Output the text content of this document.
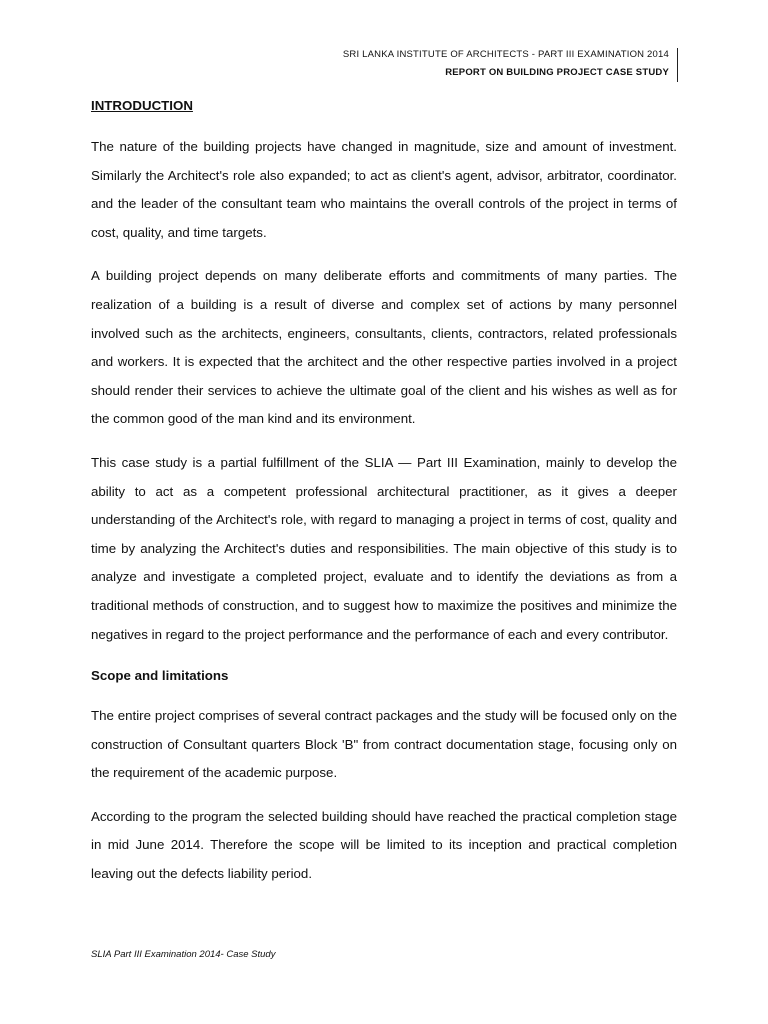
SRI LANKA INSTITUTE OF ARCHITECTS - PART III EXAMINATION 2014
REPORT ON BUILDING PROJECT CASE STUDY
INTRODUCTION

The nature of the building projects have changed in magnitude, size and amount of investment. Similarly the Architect's role also expanded; to act as client's agent, advisor, arbitrator, coordinator. and the leader of the consultant team who maintains the overall controls of the project in terms of cost, quality, and time targets.

A building project depends on many deliberate efforts and commitments of many parties. The realization of a building is a result of diverse and complex set of actions by many personnel involved such as the architects, engineers, consultants, clients, contractors, related professionals and workers. It is expected that the architect and the other respective parties involved in a project should render their services to achieve the ultimate goal of the client and his wishes as well as for the common good of the man kind and its environment.

This case study is a partial fulfillment of the SLIA — Part III Examination, mainly to develop the ability to act as a competent professional architectural practitioner, as it gives a deeper understanding of the Architect's role, with regard to managing a project in terms of cost, quality and time by analyzing the Architect's duties and responsibilities. The main objective of this study is to analyze and investigate a completed project, evaluate and to identify the deviations as from a traditional methods of construction, and to suggest how to maximize the positives and minimize the negatives in regard to the project performance and the performance of each and every contributor.

Scope and limitations

The entire project comprises of several contract packages and the study will be focused only on the construction of Consultant quarters Block 'B" from contract documentation stage, focusing only on the requirement of the academic purpose.

According to the program the selected building should have reached the practical completion stage in mid June 2014. Therefore the scope will be limited to its inception and practical completion leaving out the defects liability period.

SLIA Part III Examination 2014- Case Study
